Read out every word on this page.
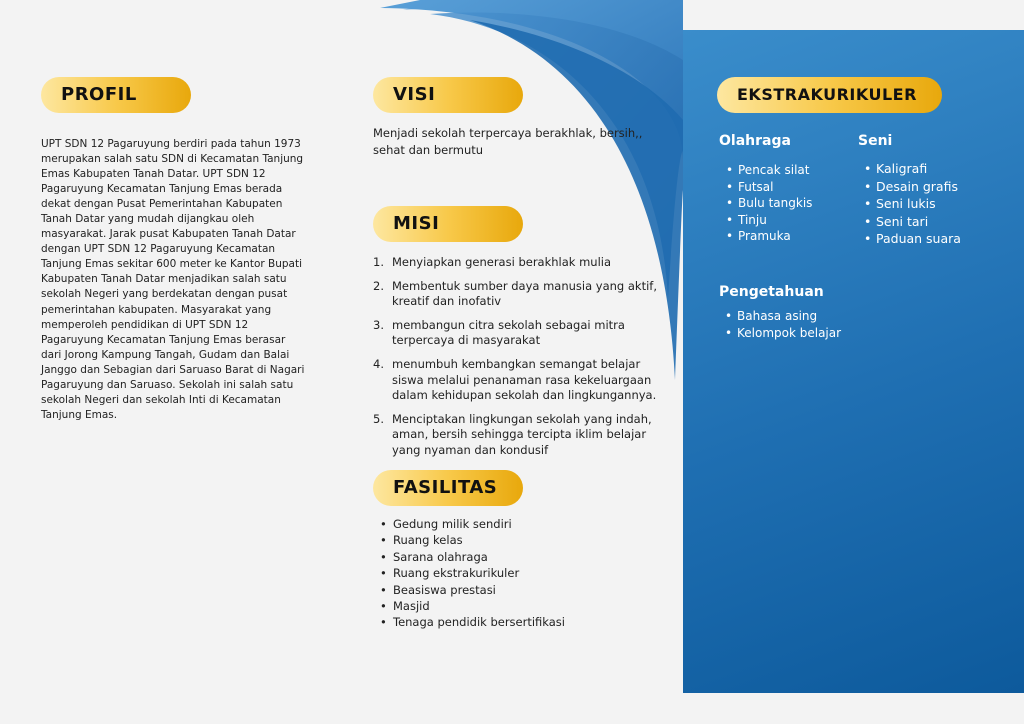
PROFIL

UPT SDN 12 Pagaruyung berdiri pada tahun 1973 merupakan salah satu SDN di Kecamatan Tanjung Emas Kabupaten Tanah Datar. UPT SDN 12 Pagaruyung Kecamatan Tanjung Emas berada dekat dengan Pusat Pemerintahan Kabupaten Tanah Datar yang mudah dijangkau oleh masyarakat. Jarak pusat Kabupaten Tanah Datar dengan UPT SDN 12 Pagaruyung Kecamatan Tanjung Emas sekitar 600 meter ke Kantor Bupati Kabupaten Tanah Datar menjadikan salah satu sekolah Negeri yang berdekatan dengan pusat pemerintahan kabupaten. Masyarakat yang memperoleh pendidikan di UPT SDN 12 Pagaruyung Kecamatan Tanjung Emas berasar dari Jorong Kampung Tangah, Gudam dan Balai Janggo dan Sebagian dari Saruaso Barat di Nagari Pagaruyung dan Saruaso. Sekolah ini salah satu sekolah Negeri dan sekolah Inti di Kecamatan Tanjung Emas.

VISI

Menjadi sekolah terpercaya berakhlak, bersih,, sehat dan bermutu

MISI
1. Menyiapkan generasi berakhlak mulia
2. Membentuk sumber daya manusia yang aktif, kreatif dan inofativ
3. membangun citra sekolah sebagai mitra terpercaya di masyarakat
4. menumbuh kembangkan semangat belajar siswa melalui penanaman rasa kekeluargaan dalam kehidupan sekolah dan lingkungannya.
5. Menciptakan lingkungan sekolah yang indah, aman, bersih sehingga tercipta iklim belajar yang nyaman dan kondusif
FASILITAS
• Gedung milik sendiri
• Ruang kelas
• Sarana olahraga
• Ruang ekstrakurikuler
• Beasiswa prestasi
• Masjid
• Tenaga pendidik bersertifikasi
EKSTRAKURIKULER
Olahraga
• Pencak silat
• Futsal
• Bulu tangkis
• Tinju
• Pramuka
Seni
• Kaligrafi
• Desain grafis
• Seni lukis
• Seni tari
• Paduan suara
Pengetahuan
• Bahasa asing
• Kelompok belajar
